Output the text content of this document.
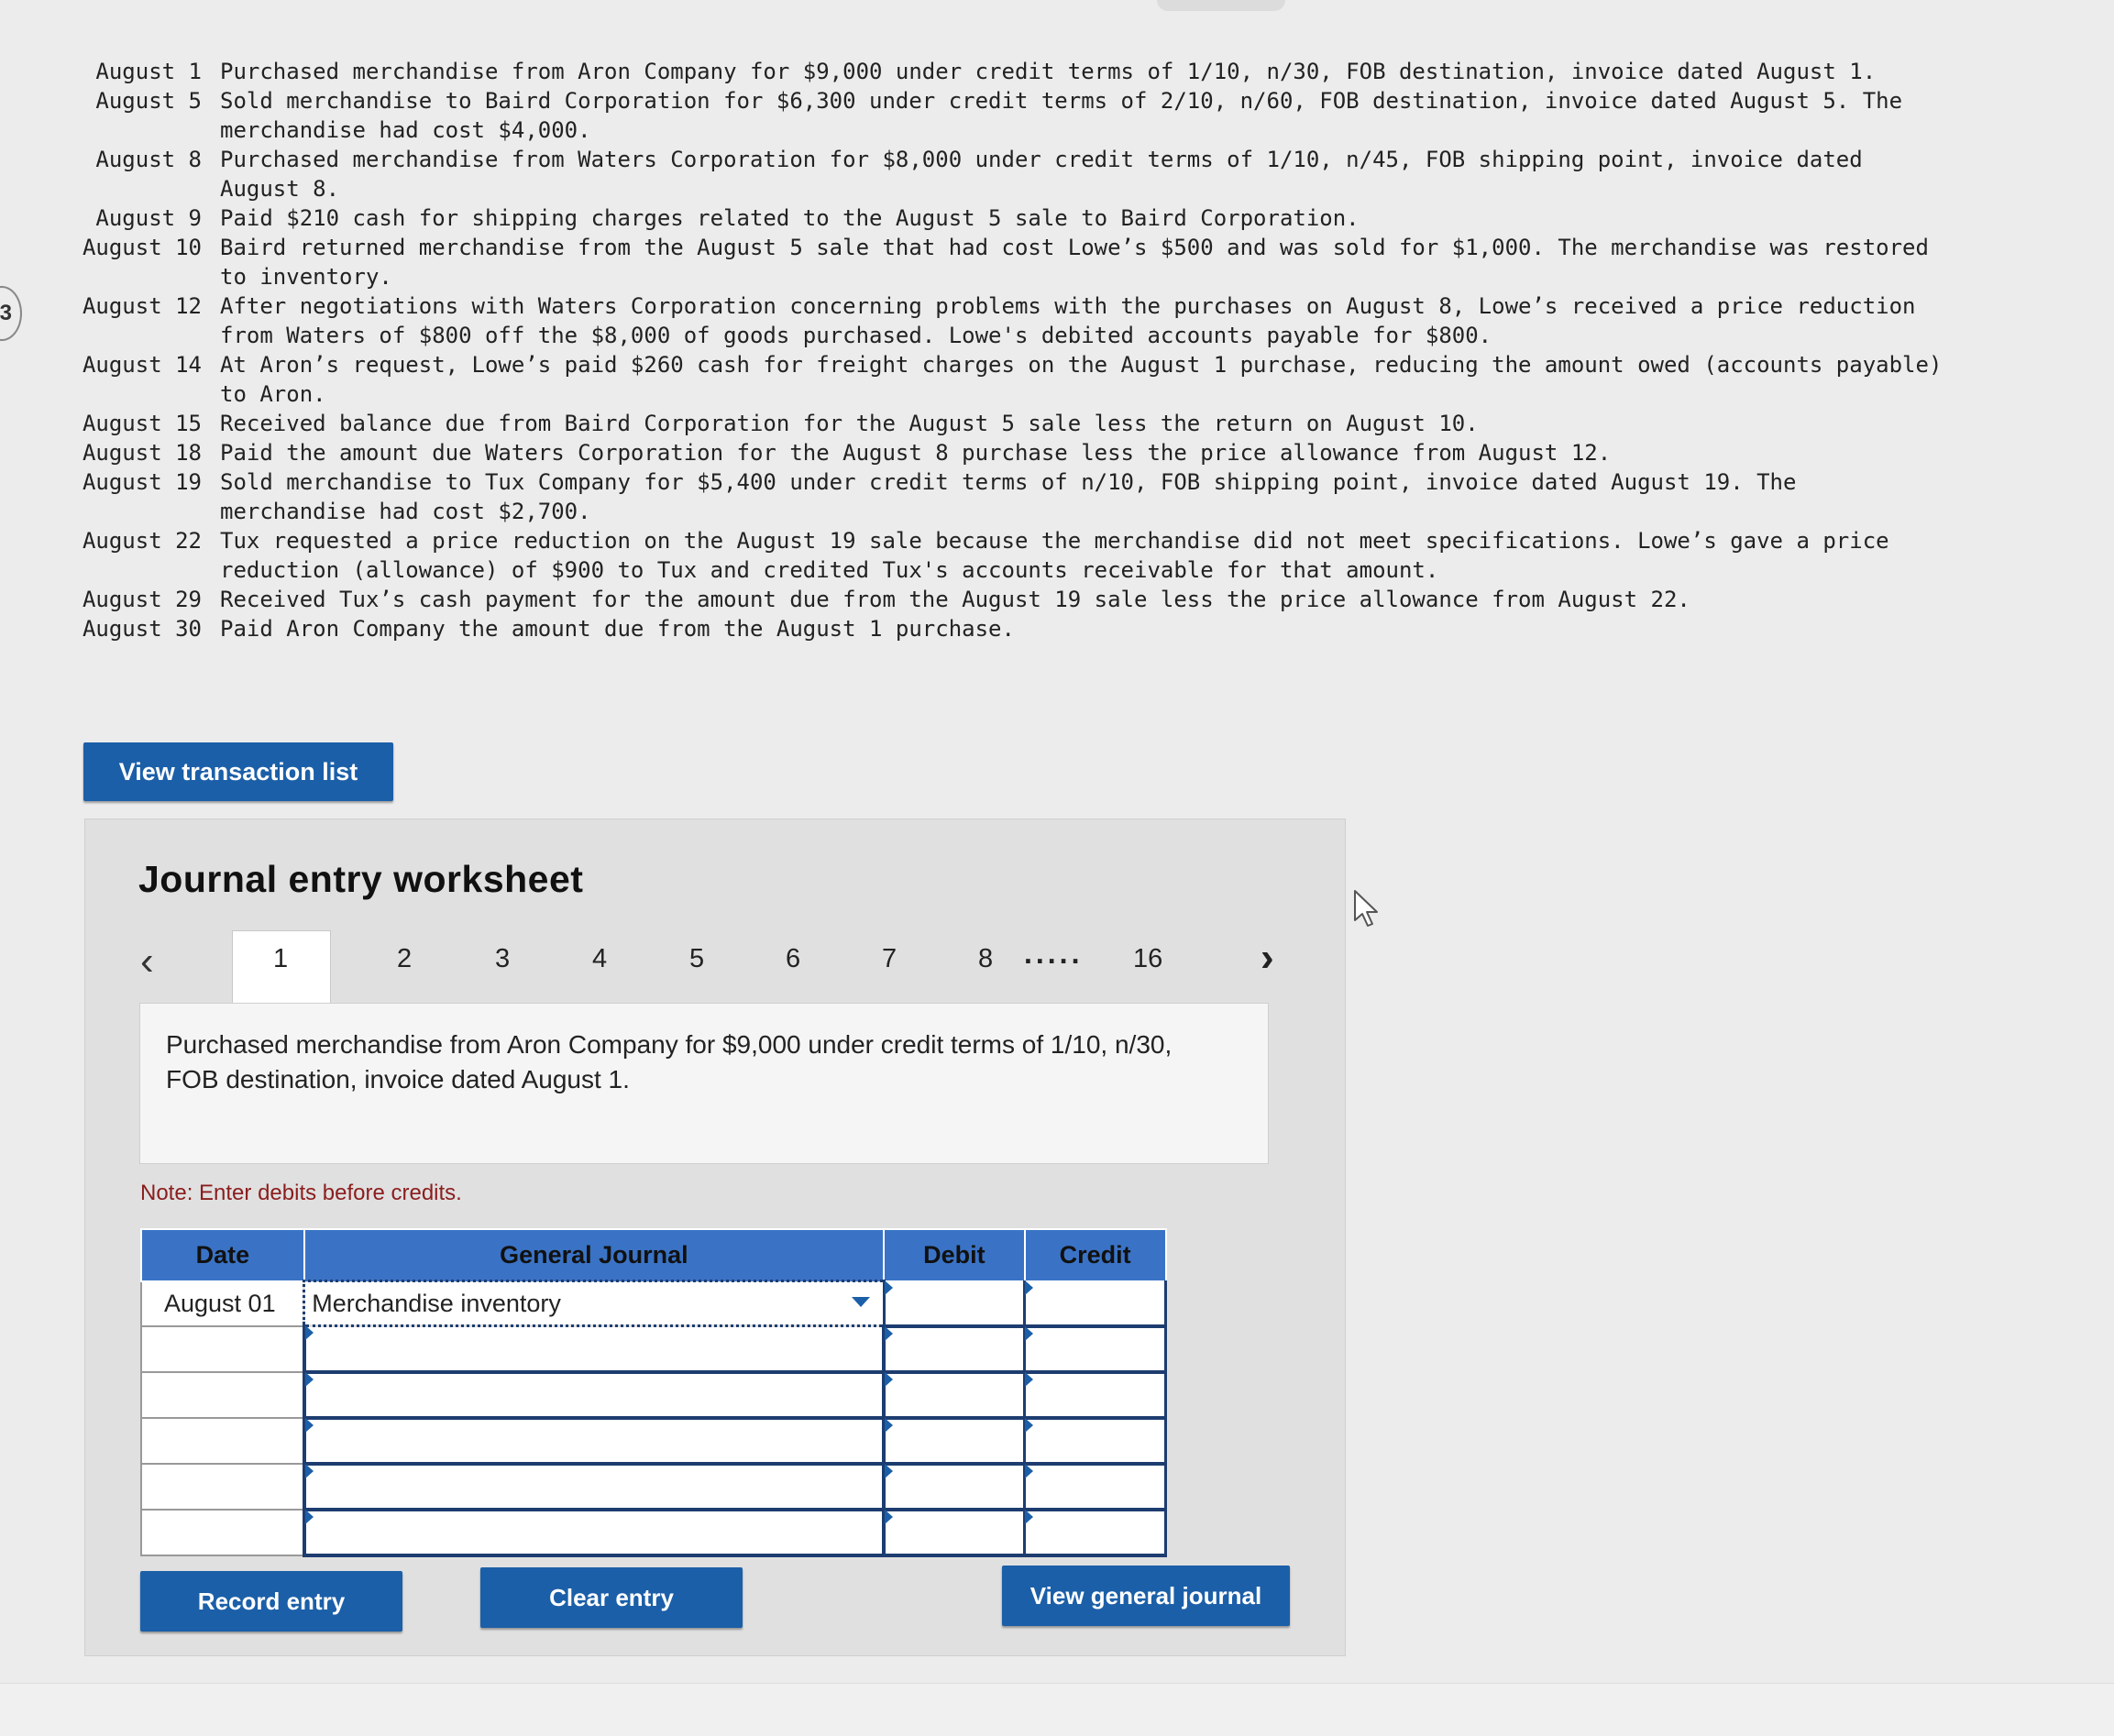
3
August 1 Purchased merchandise from Aron Company for $9,000 under credit terms of 1/10, n/30, FOB destination, invoice dated August 1.
August 5 Sold merchandise to Baird Corporation for $6,300 under credit terms of 2/10, n/60, FOB destination, invoice dated August 5. The merchandise had cost $4,000.
August 8 Purchased merchandise from Waters Corporation for $8,000 under credit terms of 1/10, n/45, FOB shipping point, invoice dated August 8.
August 9 Paid $210 cash for shipping charges related to the August 5 sale to Baird Corporation.
August 10 Baird returned merchandise from the August 5 sale that had cost Lowe’s $500 and was sold for $1,000. The merchandise was restored to inventory.
August 12 After negotiations with Waters Corporation concerning problems with the purchases on August 8, Lowe’s received a price reduction from Waters of $800 off the $8,000 of goods purchased. Lowe's debited accounts payable for $800.
August 14 At Aron’s request, Lowe’s paid $260 cash for freight charges on the August 1 purchase, reducing the amount owed (accounts payable) to Aron.
August 15 Received balance due from Baird Corporation for the August 5 sale less the return on August 10.
August 18 Paid the amount due Waters Corporation for the August 8 purchase less the price allowance from August 12.
August 19 Sold merchandise to Tux Company for $5,400 under credit terms of n/10, FOB shipping point, invoice dated August 19. The merchandise had cost $2,700.
August 22 Tux requested a price reduction on the August 19 sale because the merchandise did not meet specifications. Lowe’s gave a price reduction (allowance) of $900 to Tux and credited Tux's accounts receivable for that amount.
August 29 Received Tux’s cash payment for the amount due from the August 19 sale less the price allowance from August 22.
August 30 Paid Aron Company the amount due from the August 1 purchase.
View transaction list
Journal entry worksheet
‹	1	2	3	4	5	6	7	8 ..... 16 ›
Purchased merchandise from Aron Company for $9,000 under credit terms of 1/10, n/30, FOB destination, invoice dated August 1.
Note: Enter debits before credits.
Date	General Journal	Debit	Credit
August 01	Merchandise inventory

Record entry	Clear entry	View general journal
